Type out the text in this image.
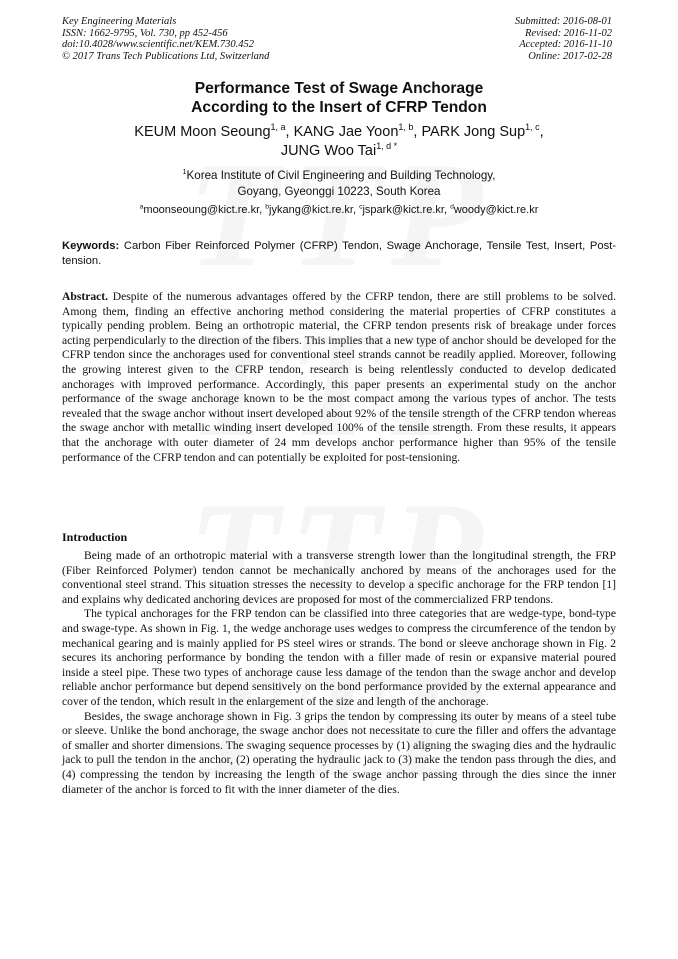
Key Engineering Materials
ISSN: 1662-9795, Vol. 730, pp 452-456
doi:10.4028/www.scientific.net/KEM.730.452
© 2017 Trans Tech Publications Ltd, Switzerland
Submitted: 2016-08-01
Revised: 2016-11-02
Accepted: 2016-11-10
Online: 2017-02-28
Performance Test of Swage Anchorage
According to the Insert of CFRP Tendon
KEUM Moon Seoung$^{1, a}$, KANG Jae Yoon$^{1, b}$, PARK Jong Sup$^{1, c}$,
JUNG Woo Tai$^{1, d *}$
$^1$Korea Institute of Civil Engineering and Building Technology,
Goyang, Gyeonggi 10223, South Korea
$^a$moonseoung@kict.re.kr, $^b$jykang@kict.re.kr, $^c$jspark@kict.re.kr, $^d$woody@kict.re.kr
Keywords: Carbon Fiber Reinforced Polymer (CFRP) Tendon, Swage Anchorage, Tensile Test, Insert, Post-tension.
Abstract. Despite of the numerous advantages offered by the CFRP tendon, there are still problems to be solved. Among them, finding an effective anchoring method considering the material properties of CFRP constitutes a typically pending problem. Being an orthotropic material, the CFRP tendon presents risk of breakage under forces acting perpendicularly to the direction of the fibers. This implies that a new type of anchor should be developed for the CFRP tendon since the anchorages used for conventional steel strands cannot be readily applied. Moreover, following the growing interest given to the CFRP tendon, research is being relentlessly conducted to develop dedicated anchorages with improved performance. Accordingly, this paper presents an experimental study on the anchor performance of the swage anchorage known to be the most compact among the various types of anchor. The tests revealed that the swage anchor without insert developed about 92% of the tensile strength of the CFRP tendon whereas the swage anchor with metallic winding insert developed 100% of the tensile strength. From these results, it appears that the anchorage with outer diameter of 24 mm develops anchor performance higher than 95% of the tensile performance of the CFRP tendon and can potentially be exploited for post-tensioning.
Introduction

Being made of an orthotropic material with a transverse strength lower than the longitudinal strength, the FRP (Fiber Reinforced Polymer) tendon cannot be mechanically anchored by means of the anchorages used for the conventional steel strand. This situation stresses the necessity to develop a specific anchorage for the FRP tendon [1] and explains why dedicated anchoring devices are proposed for most of the commercialized FRP tendons.

The typical anchorages for the FRP tendon can be classified into three categories that are wedge-type, bond-type and swage-type. As shown in Fig. 1, the wedge anchorage uses wedges to compress the circumference of the tendon by mechanical gearing and is mainly applied for PS steel wires or strands. The bond or sleeve anchorage shown in Fig. 2 secures its anchoring performance by bonding the tendon with a filler made of resin or expansive material poured inside a steel pipe. These two types of anchorage cause less damage of the tendon than the swage anchor and develop reliable anchor performance but depend sensitively on the bond performance provided by the external appearance and cover of the tendon, which result in the enlargement of the size and length of the anchorage.

Besides, the swage anchorage shown in Fig. 3 grips the tendon by compressing its outer by means of a steel tube or sleeve. Unlike the bond anchorage, the swage anchor does not necessitate to cure the filler and offers the advantage of smaller and shorter dimensions. The swaging sequence processes by (1) aligning the swaging dies and the hydraulic jack to pull the tendon in the anchor, (2) operating the hydraulic jack to (3) make the tendon pass through the dies, and (4) compressing the tendon by increasing the length of the swage anchor passing through the dies since the inner diameter of the anchor is forced to fit with the inner diameter of the dies.
